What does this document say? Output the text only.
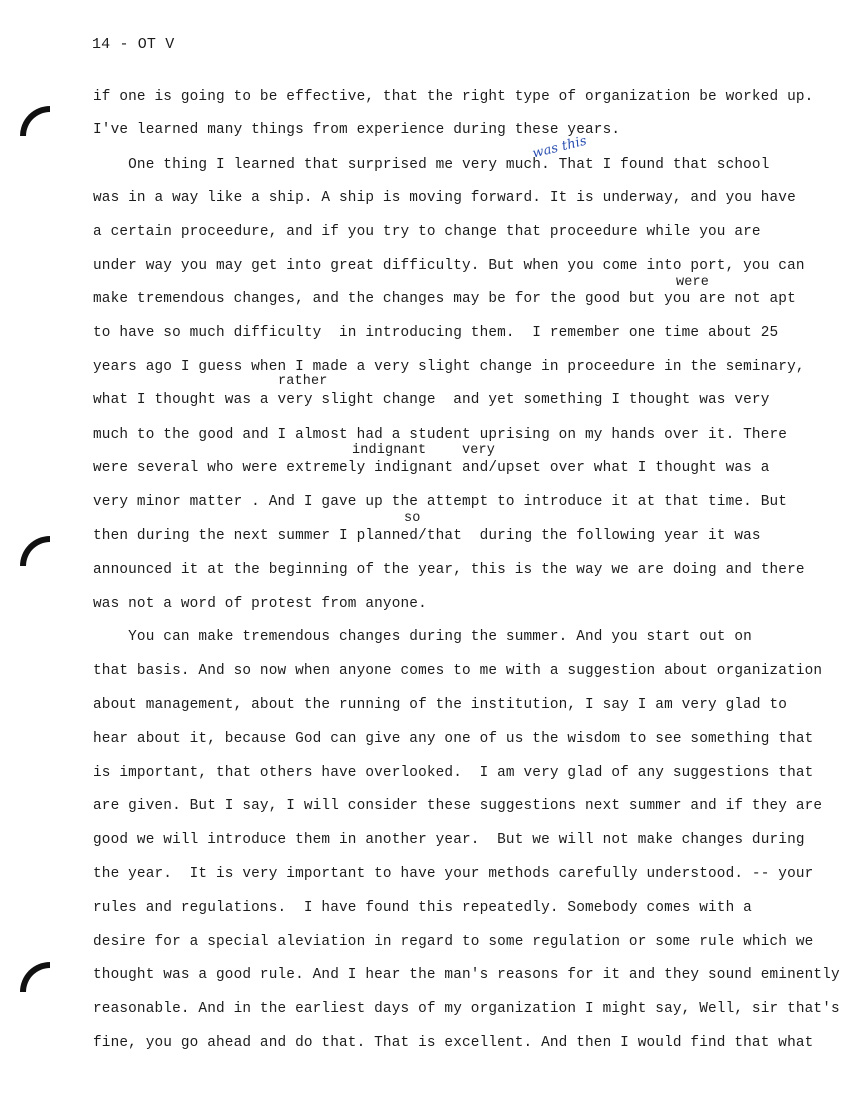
14 - OT V
if one is going to be effective, that the right type of organization be worked up.
I've learned many things from experience during these years.
One thing I learned that surprised me very much. That I found that school
was in a way like a ship. A ship is moving forward. It is underway, and you have
a certain proceedure, and if you try to change that proceedure while you are
under way you may get into great difficulty. But when you come into port, you can
make tremendous changes, and the changes may be for the good but you are not apt
to have so much difficulty  in introducing them.  I remember one time about 25
years ago I guess when I made a very slight change in proceedure in the seminary,
what I thought was a very slight change  and yet something I thought was very
much to the good and I almost had a student uprising on my hands over it. There
were several who were extremely indignant and/upset over what I thought was a
very minor matter . And I gave up the attempt to introduce it at that time. But
then during the next summer I planned/that  during the following year it was
announced it at the beginning of the year, this is the way we are doing and there
was not a word of protest from anyone.
You can make tremendous changes during the summer. And you start out on
that basis. And so now when anyone comes to me with a suggestion about organization
about management, about the running of the institution, I say I am very glad to
hear about it, because God can give any one of us the wisdom to see something that
is important, that others have overlooked.  I am very glad of any suggestions that
are given. But I say, I will consider these suggestions next summer and if they are
good we will introduce them in another year.  But we will not make changes during
the year.  It is very important to have your methods carefully understood. -- your
rules and regulations.  I have found this repeatedly. Somebody comes with a
desire for a special aleviation in regard to some regulation or some rule which we
thought was a good rule. And I hear the man's reasons for it and they sound eminently
reasonable. And in the earliest days of my organization I might say, Well, sir that's
fine, you go ahead and do that. That is excellent. And then I would find that what
were
rather
indignant	very
so
was this
